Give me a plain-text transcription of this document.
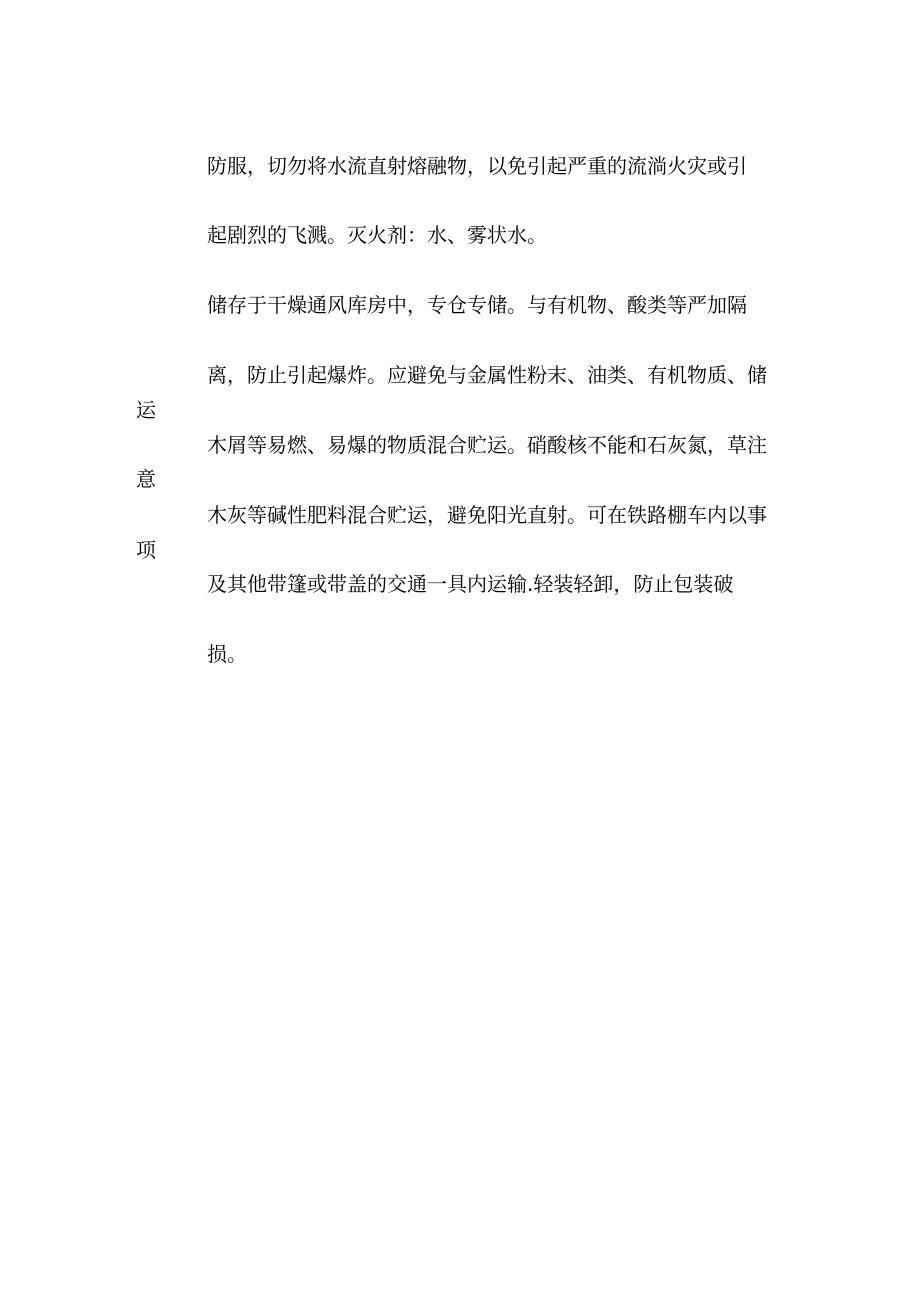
防服，切勿将水流直射熔融物，以免引起严重的流淌火灾或引
起剧烈的飞溅。灭火剂：水、雾状水。
储存于干燥通风库房中，专仓专储。与有机物、酸类等严加隔
离，防止引起爆炸。应避免与金属性粉末、油类、有机物质、储
木屑等易燃、易爆的物质混合贮运。硝酸核不能和石灰氮，草注
木灰等碱性肥料混合贮运，避免阳光直射。可在铁路棚车内以事
及其他带篷或带盖的交通一具内运输.轻装轻卸，防止包装破
损。
运
意
项
